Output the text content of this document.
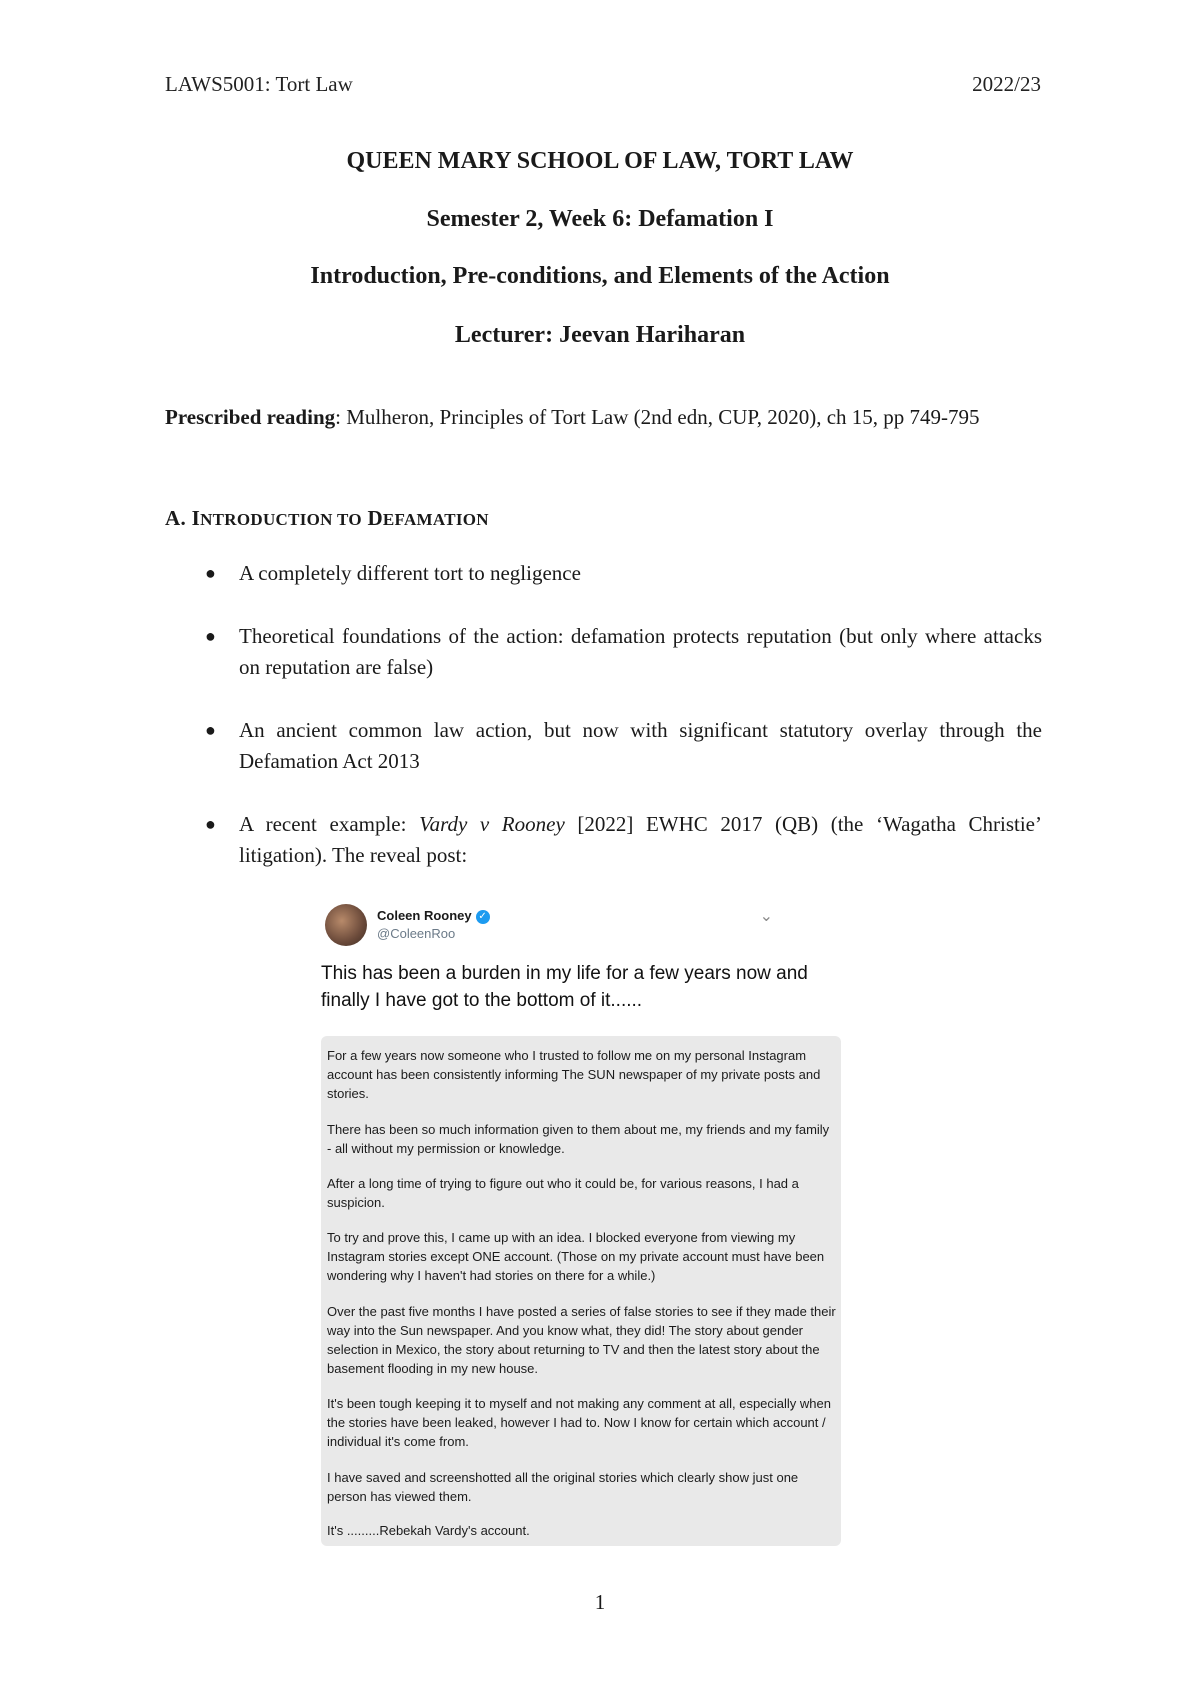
LAWS5001: Tort Law	2022/23
QUEEN MARY SCHOOL OF LAW, TORT LAW
Semester 2, Week 6: Defamation I
Introduction, Pre-conditions, and Elements of the Action
Lecturer: Jeevan Hariharan
Prescribed reading: Mulheron, Principles of Tort Law (2nd edn, CUP, 2020), ch 15, pp 749-795
A. INTRODUCTION TO DEFAMATION
● A completely different tort to negligence
● Theoretical foundations of the action: defamation protects reputation (but only where attacks on reputation are false)
● An ancient common law action, but now with significant statutory overlay through the Defamation Act 2013
● A recent example: Vardy v Rooney [2022] EWHC 2017 (QB) (the ‘Wagatha Christie’ litigation). The reveal post:
Coleen Rooney ✓
@ColeenRoo
⌄
This has been a burden in my life for a few years now and finally I have got to the bottom of it......

For a few years now someone who I trusted to follow me on my personal Instagram account has been consistently informing The SUN newspaper of my private posts and stories.

There has been so much information given to them about me, my friends and my family - all without my permission or knowledge.

After a long time of trying to figure out who it could be, for various reasons, I had a suspicion.

To try and prove this, I came up with an idea. I blocked everyone from viewing my Instagram stories except ONE account. (Those on my private account must have been wondering why I haven't had stories on there for a while.)

Over the past five months I have posted a series of false stories to see if they made their way into the Sun newspaper. And you know what, they did! The story about gender selection in Mexico, the story about returning to TV and then the latest story about the basement flooding in my new house.

It's been tough keeping it to myself and not making any comment at all, especially when the stories have been leaked, however I had to. Now I know for certain which account / individual it's come from.

I have saved and screenshotted all the original stories which clearly show just one person has viewed them.

It's .........Rebekah Vardy's account.

1
